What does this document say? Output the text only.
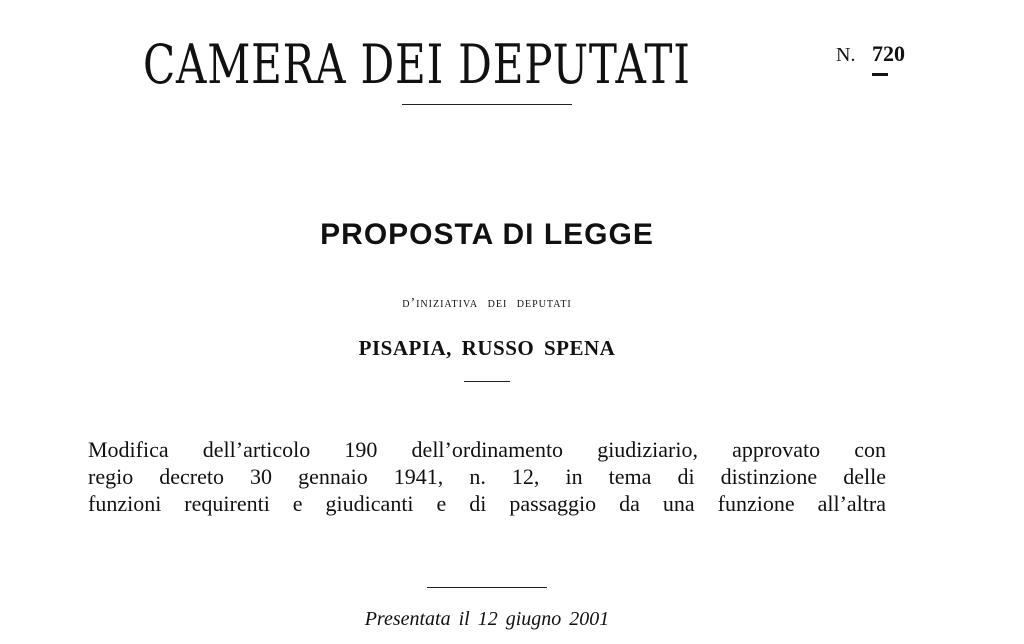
CAMERA DEI DEPUTATI	N. 720
PROPOSTA DI LEGGE
d’iniziativa dei deputati
PISAPIA, RUSSO SPENA
Modifica dell’articolo 190 dell’ordinamento giudiziario, approvato con
regio decreto 30 gennaio 1941, n. 12, in tema di distinzione delle
funzioni requirenti e giudicanti e di passaggio da una funzione all’altra
Presentata il 12 giugno 2001
